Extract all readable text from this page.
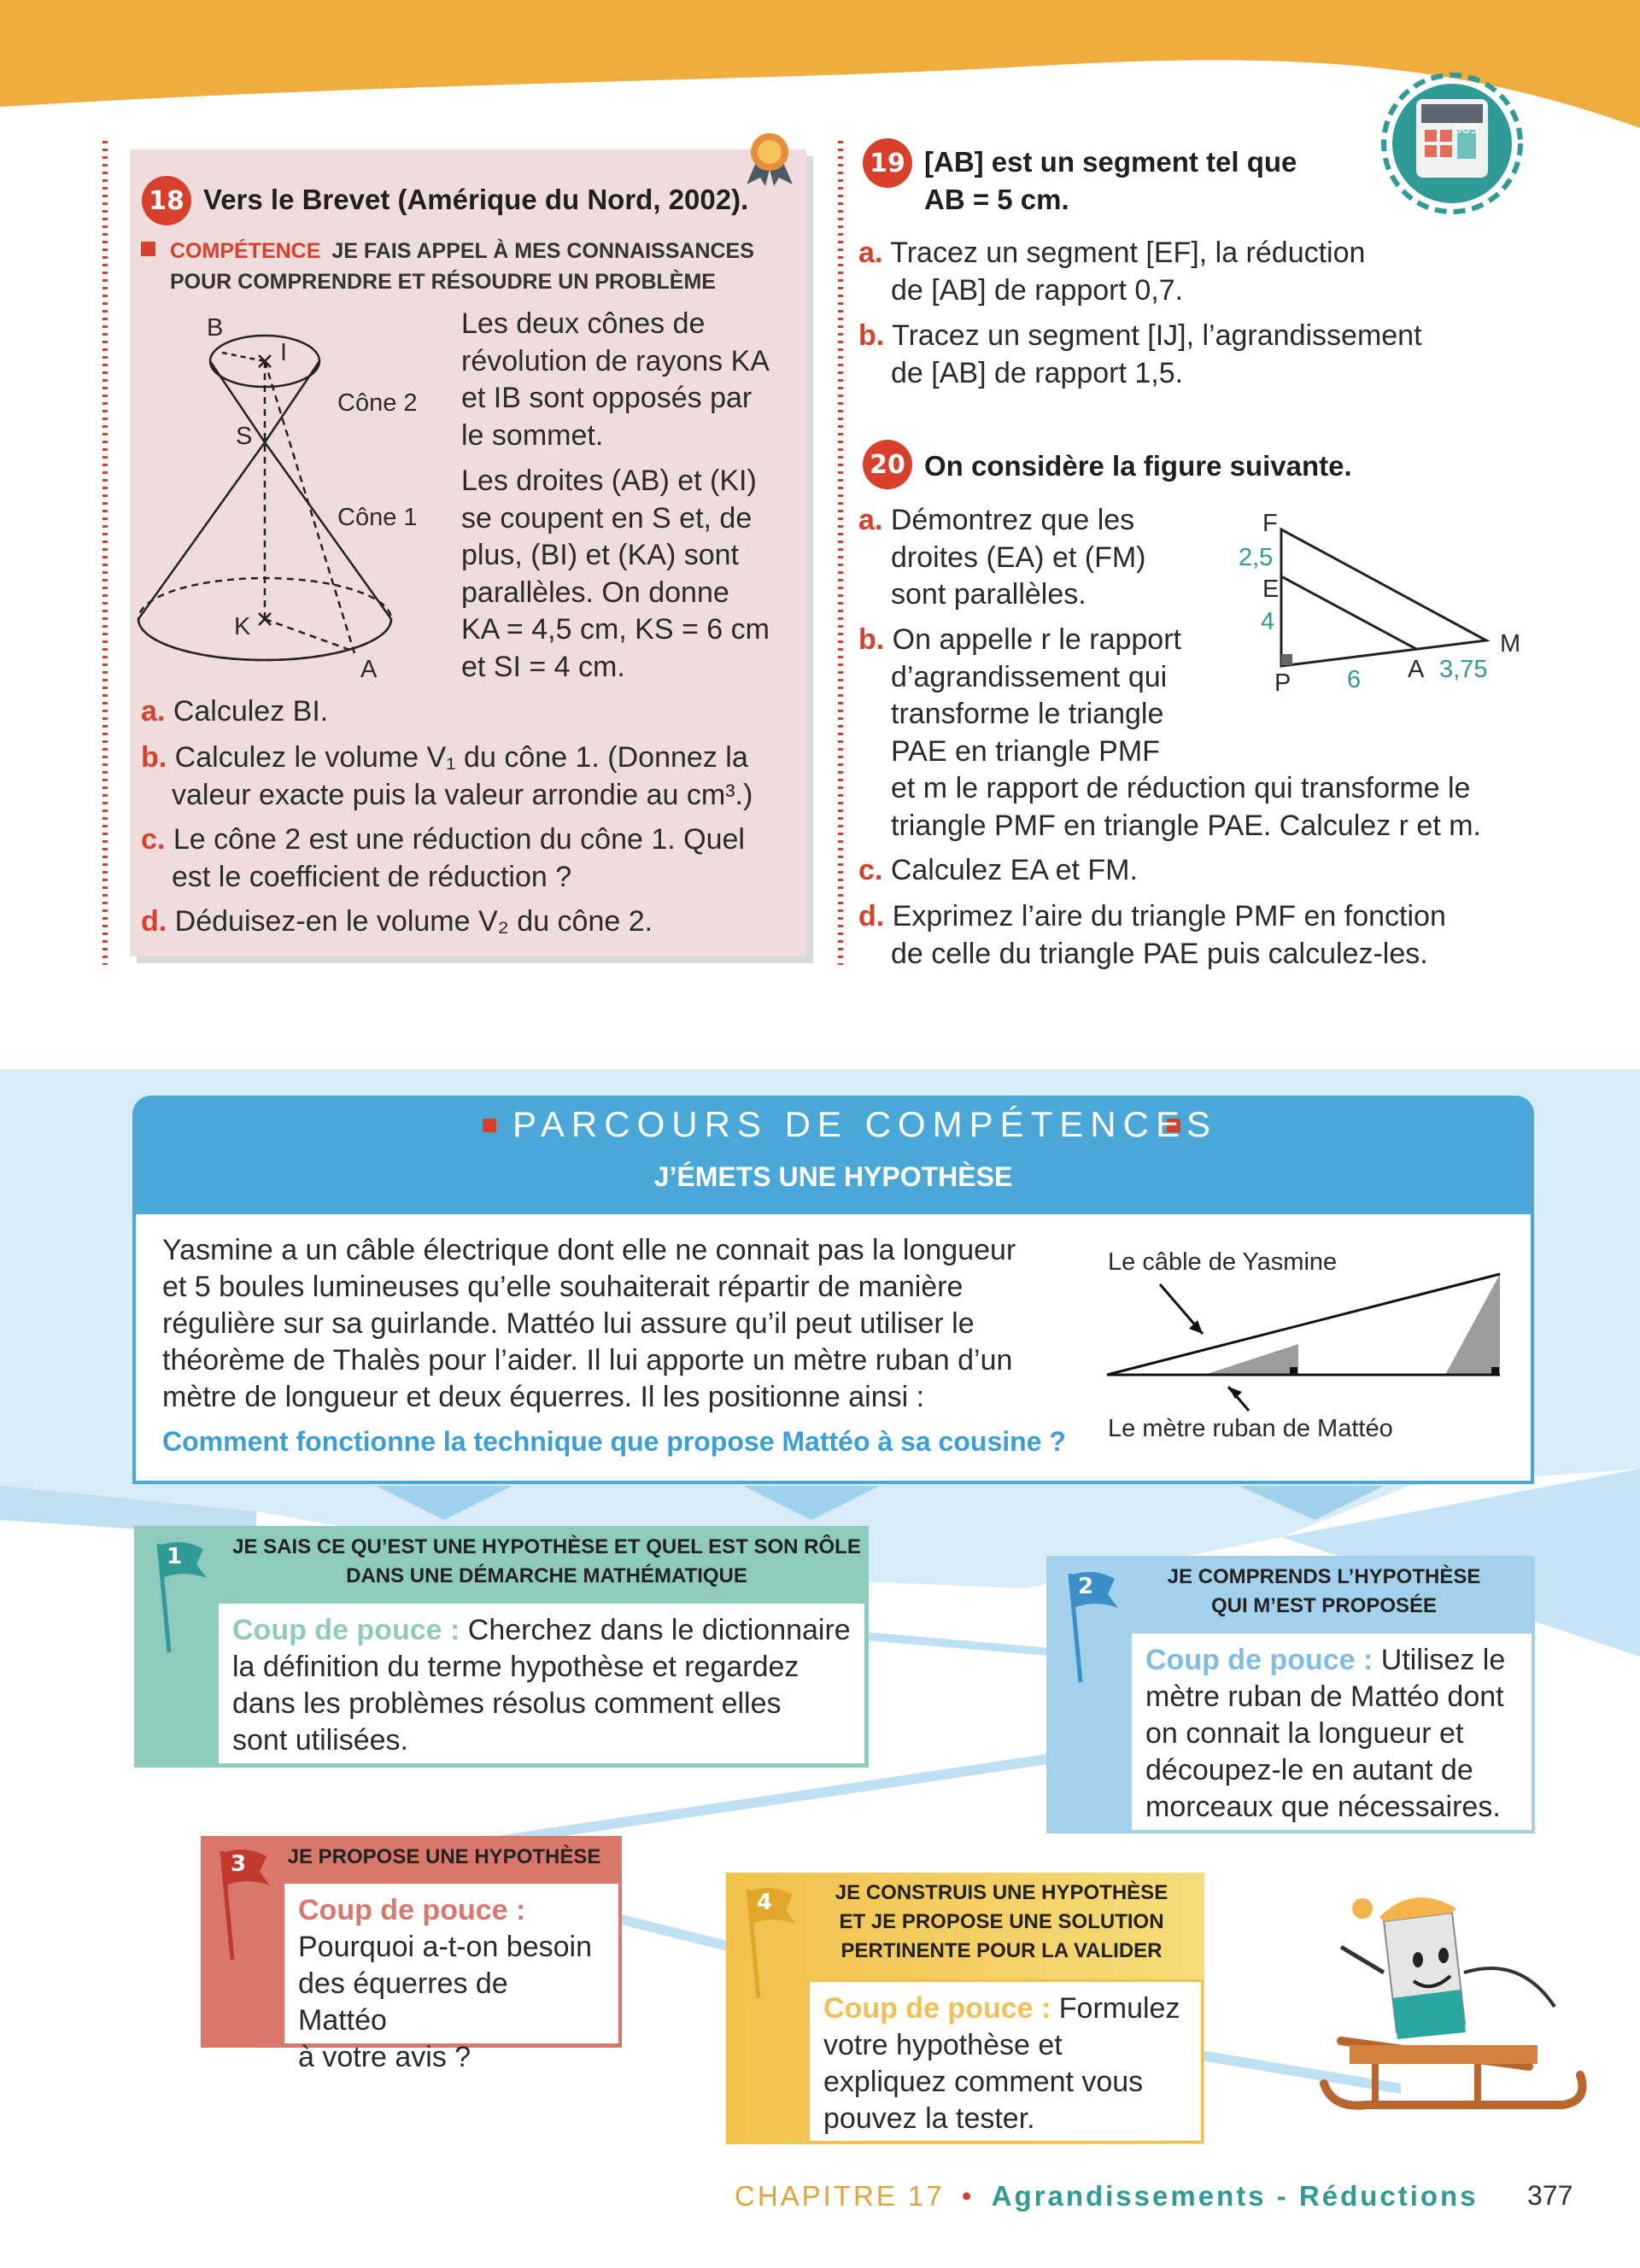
889
18 Vers le Brevet (Amérique du Nord, 2002).
COMPÉTENCE JE FAIS APPEL À MES CONNAISSANCES
POUR COMPRENDRE ET RÉSOUDRE UN PROBLÈME
B
I
S
K
A
Cône 2
Cône 1
Les deux cônes de
révolution de rayons KA
et IB sont opposés par
le sommet.
Les droites (AB) et (KI)
se coupent en S et, de
plus, (BI) et (KA) sont
parallèles. On donne
KA = 4,5 cm, KS = 6 cm
et SI = 4 cm.
a. Calculez BI.
b. Calculez le volume V₁ du cône 1. (Donnez la
valeur exacte puis la valeur arrondie au cm³.)
c. Le cône 2 est une réduction du cône 1. Quel
est le coefficient de réduction ?
d. Déduisez-en le volume V₂ du cône 2.
19 [AB] est un segment tel que
AB = 5 cm.
a. Tracez un segment [EF], la réduction
de [AB] de rapport 0,7.
b. Tracez un segment [IJ], l’agrandissement
de [AB] de rapport 1,5.
20 On considère la figure suivante.
a. Démontrez que les
droites (EA) et (FM)
sont parallèles.
b. On appelle r le rapport
d’agrandissement qui
transforme le triangle
PAE en triangle PMF
et m le rapport de réduction qui transforme le
triangle PMF en triangle PAE. Calculez r et m.
c. Calculez EA et FM.
d. Exprimez l’aire du triangle PMF en fonction
de celle du triangle PAE puis calculez-les.
F
2,5
E
4
P 6 A 3,75
M
PARCOURS DE COMPÉTENCES
J’ÉMETS UNE HYPOTHÈSE
Yasmine a un câble électrique dont elle ne connait pas la longueur
et 5 boules lumineuses qu’elle souhaiterait répartir de manière
régulière sur sa guirlande. Mattéo lui assure qu’il peut utiliser le
théorème de Thalès pour l’aider. Il lui apporte un mètre ruban d’un
mètre de longueur et deux équerres. Il les positionne ainsi :
Comment fonctionne la technique que propose Mattéo à sa cousine ?
Le câble de Yasmine
Le mètre ruban de Mattéo
JE SAIS CE QU’EST UNE HYPOTHÈSE ET QUEL EST SON RÔLE
DANS UNE DÉMARCHE MATHÉMATIQUE
1
Coup de pouce : Cherchez dans le dictionnaire
la définition du terme hypothèse et regardez
dans les problèmes résolus comment elles
sont utilisées.
JE COMPRENDS L’HYPOTHÈSE
QUI M’EST PROPOSÉE
2
Coup de pouce : Utilisez le
mètre ruban de Mattéo dont
on connait la longueur et
découpez-le en autant de
morceaux que nécessaires.
JE PROPOSE UNE HYPOTHÈSE
3
Coup de pouce :
Pourquoi a-t-on besoin
des équerres de Mattéo
à votre avis ?
JE CONSTRUIS UNE HYPOTHÈSE
ET JE PROPOSE UNE SOLUTION
PERTINENTE POUR LA VALIDER
4
Coup de pouce : Formulez
votre hypothèse et
expliquez comment vous
pouvez la tester.
CHAPITRE 17 • Agrandissements - Réductions 377
